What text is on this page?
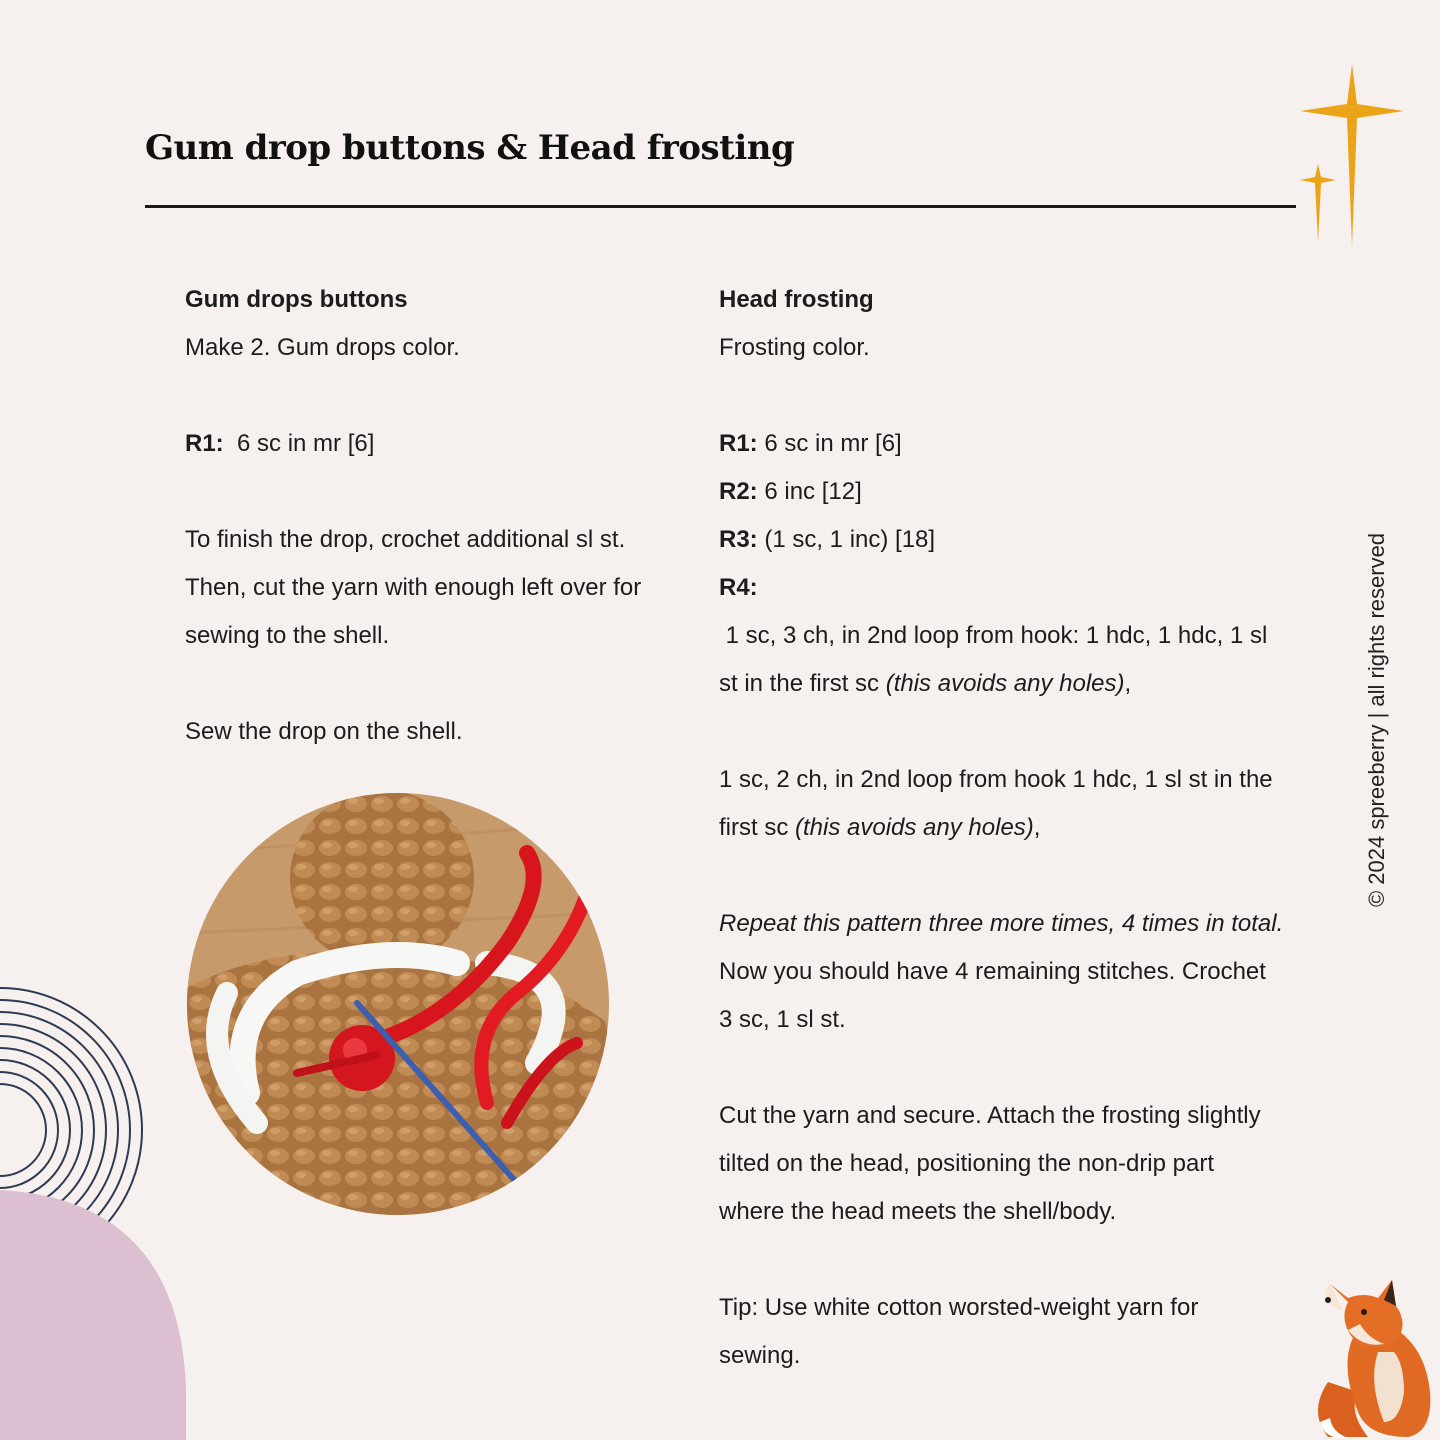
Gum drop buttons & Head frosting

Gum drops buttons

Make 2. Gum drops color.

R1:  6 sc in mr [6]

To finish the drop, crochet additional sl st.

Then, cut the yarn with enough left over for

sewing to the shell.

Sew the drop on the shell.

Head frosting

Frosting color.

R1: 6 sc in mr [6]

R2: 6 inc [12]

R3: (1 sc, 1 inc) [18]

R4: 1 sc, 3 ch, in 2nd loop from hook: 1 hdc, 1 hdc, 1 sl

st in the first sc (this avoids any holes),

1 sc, 2 ch, in 2nd loop from hook 1 hdc, 1 sl st in the

first sc (this avoids any holes),

Repeat this pattern three more times, 4 times in total.

Now you should have 4 remaining stitches. Crochet

3 sc, 1 sl st.

Cut the yarn and secure. Attach the frosting slightly

tilted on the head, positioning the non-drip part

where the head meets the shell/body.

Tip: Use white cotton worsted-weight yarn for

sewing.

© 2024 spreeberry | all rights reserved
